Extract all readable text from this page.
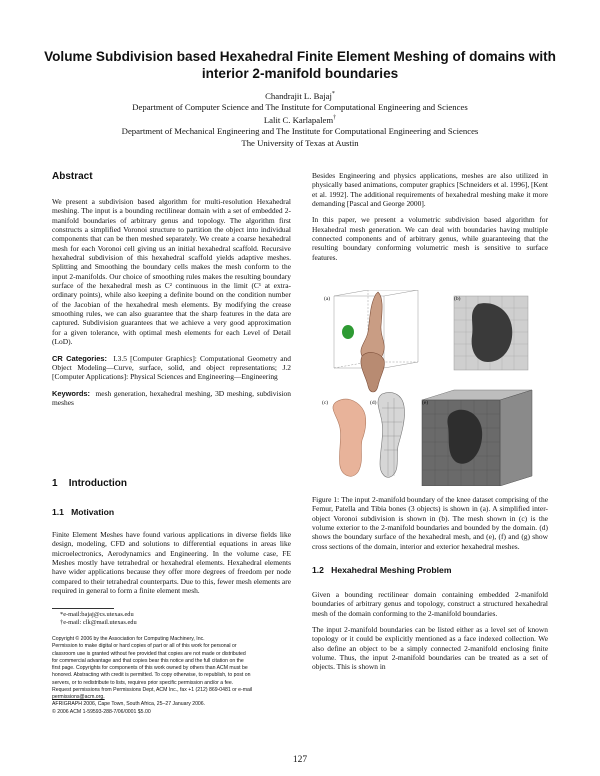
Volume Subdivision based Hexahedral Finite Element Meshing of domains with interior 2-manifold boundaries
Chandrajit L. Bajaj*
Department of Computer Science and The Institute for Computational Engineering and Sciences
Lalit C. Karlapalem†
Department of Mechanical Engineering and The Institute for Computational Engineering and Sciences
The University of Texas at Austin
Abstract

We present a subdivision based algorithm for multi-resolution Hexahedral meshing. The input is a bounding rectilinear domain with a set of embedded 2-manifold boundaries of arbitrary genus and topology. The algorithm first constructs a simplified Voronoi structure to partition the object into individual components that can be then meshed separately. We create a coarse hexahedral mesh for each Voronoi cell giving us an initial hexahedral scaffold. Recursive hexahedral subdivision of this hexahedral scaffold yields adaptive meshes. Splitting and Smoothing the boundary cells makes the mesh conform to the input 2-manifolds. Our choice of smoothing rules makes the resulting boundary surface of the hexahedral mesh as C² continuous in the limit (C¹ at extra-ordinary points), while also keeping a definite bound on the condition number of the Jacobian of the hexahedral mesh elements. By modifying the crease smoothing rules, we can also guarantee that the sharp features in the data are captured. Subdivision guarantees that we achieve a very good approximation for a given tolerance, with optimal mesh elements for each Level of Detail (LoD).

CR Categories: I.3.5 [Computer Graphics]: Computational Geometry and Object Modeling—Curve, surface, solid, and object representations; J.2 [Computer Applications]: Physical Sciences and Engineering—Engineering

Keywords: mesh generation, hexahedral meshing, 3D meshing, subdivision meshes

1 Introduction
1.1 Motivation
Finite Element Meshes have found various applications in diverse fields like design, modeling, CFD and solutions to differential equations in areas like microelectronics, Aerodynamics and Engineering. In the volume case, FE Meshes mostly have tetrahedral or hexahedral elements. Hexahedral elements have wider applications because they offer more degrees of freedom per node compared to their tetrahedral counterparts. Due to this, fewer mesh elements are required in general to form a finite element mesh.
*e-mail:bajaj@cs.utexas.edu
†e-mail: clk@mail.utexas.edu
Copyright © 2006 by the Association for Computing Machinery, Inc.
Permission to make digital or hard copies of part or all of this work for personal or
classroom use is granted without fee provided that copies are not made or distributed
for commercial advantage and that copies bear this notice and the full citation on the
first page. Copyrights for components of this work owned by others than ACM must be
honored. Abstracting with credit is permitted. To copy otherwise, to republish, to post on
servers, or to redistribute to lists, requires prior specific permission and/or a fee.
Request permissions from Permissions Dept, ACM Inc., fax +1 (212) 869-0481 or e-mail
permissions@acm.org.
AFRIGRAPH 2006, Cape Town, South Africa, 25–27 January 2006.
© 2006 ACM 1-59593-288-7/06/0001 $5.00

Besides Engineering and physics applications, meshes are also utilized in physically based animations, computer graphics [Schneiders et al. 1996], [Kent et al. 1992]. The additional requirements of hexahedral meshing make it more demanding [Pascal and George 2000].

In this paper, we present a volumetric subdivision based algorithm for Hexahedral mesh generation. We can deal with boundaries having multiple connected components and of arbitrary genus, while guaranteeing that the resulting boundary conforming volumetric mesh is sensitive to surface features.

(a)	(b)
(c)	(d)	(e)
Figure 1: The input 2-manifold boundary of the knee dataset comprising of the Femur, Patella and Tibia bones (3 objects) is shown in (a). A simplified inter-object Voronoi subdivision is shown in (b). The mesh shown in (c) is the volume exterior to the 2-manifold boundaries and bounded by the domain. (d) shows the boundary surface of the hexahedral mesh, and (e), (f) and (g) show cross sections of the domain, interior and exterior hexahedral meshes.
1.2 Hexahedral Meshing Problem

Given a bounding rectilinear domain containing embedded 2-manifold boundaries of arbitrary genus and topology, construct a structured hexahedral mesh of the domain conforming to the 2-manifold boundaries.

The input 2-manifold boundaries can be listed either as a level set of known topology or it could be explicitly mentioned as a face indexed collection. We also define an object to be a simply connected 2-manifold enclosing finite volume. Thus, the input 2-manifold boundaries can be treated as a set of objects. This is shown in

127
